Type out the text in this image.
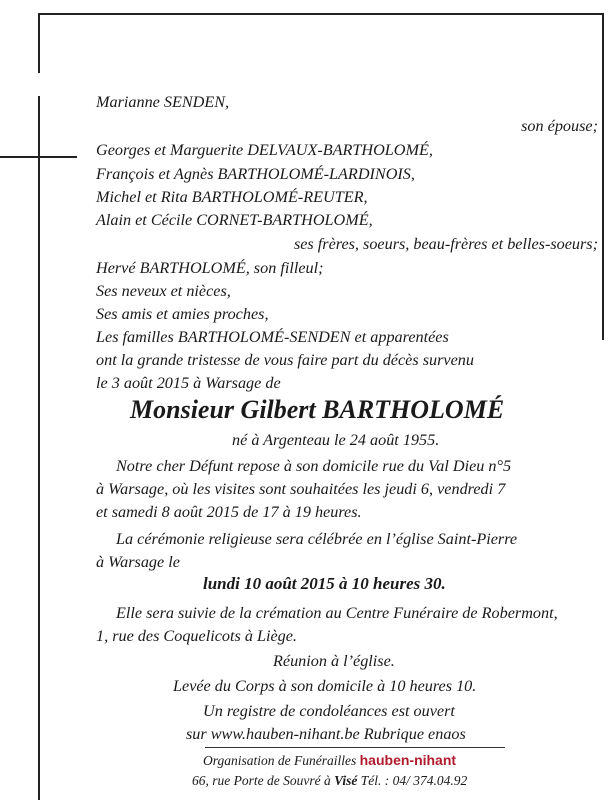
Marianne SENDEN,
son épouse;
Georges et Marguerite DELVAUX-BARTHOLOMÉ,
François et Agnès BARTHOLOMÉ-LARDINOIS,
Michel et Rita BARTHOLOMÉ-REUTER,
Alain et Cécile CORNET-BARTHOLOMÉ,
ses frères, soeurs, beau-frères et belles-soeurs;
Hervé BARTHOLOMÉ, son filleul;
Ses neveux et nièces,
Ses amis et amies proches,
Les familles BARTHOLOMÉ-SENDEN et apparentées
ont la grande tristesse de vous faire part du décès survenu
le 3 août 2015 à Warsage de
Monsieur Gilbert BARTHOLOMÉ
né à Argenteau le 24 août 1955.
Notre cher Défunt repose à son domicile rue du Val Dieu n°5
à Warsage, où les visites sont souhaitées les jeudi 6, vendredi 7
et samedi 8 août 2015 de 17 à 19 heures.
La cérémonie religieuse sera célébrée en l’église Saint-Pierre
à Warsage le
lundi 10 août 2015 à 10 heures 30.
Elle sera suivie de la crémation au Centre Funéraire de Robermont,
1, rue des Coquelicots à Liège.
Réunion à l’église.
Levée du Corps à son domicile à 10 heures 10.
Un registre de condoléances est ouvert
sur www.hauben-nihant.be Rubrique enaos
Organisation de Funérailles hauben-nihant
66, rue Porte de Souvré à Visé Tél. : 04/ 374.04.92
